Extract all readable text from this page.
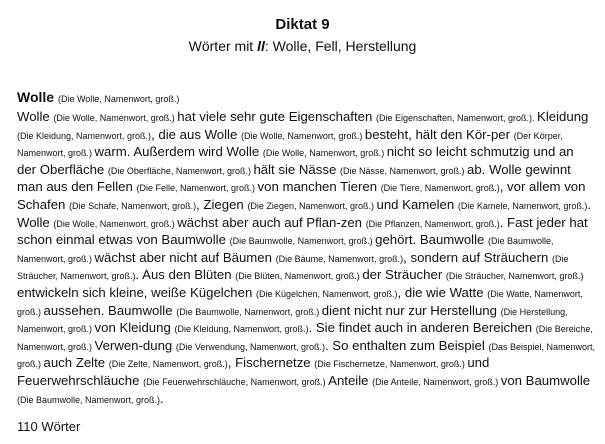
Diktat 9
Wörter mit ll: Wolle, Fell, Herstellung
Wolle (Die Wolle, Namenwort, groß.)
Wolle (Die Wolle, Namenwort, groß.) hat viele sehr gute Eigenschaften (Die Eigenschaften, Namenwort, groß.). Kleidung (Die Kleidung, Namenwort, groß.), die aus Wolle (Die Wolle, Namenwort, groß.) besteht, hält den Kör-per (Der Körper, Namenwort, groß.) warm. Außerdem wird Wolle (Die Wolle, Namenwort, groß.) nicht so leicht schmutzig und an der Oberfläche (Die Oberfläche, Namenwort, groß.) hält sie Nässe (Die Nässe, Namenwort, groß.) ab. Wolle gewinnt man aus den Fellen (Die Felle, Namenwort, groß.) von manchen Tieren (Die Tiere, Namenwort, groß.), vor allem von Schafen (Die Schafe, Namenwort, groß.), Ziegen (Die Ziegen, Namenwort, groß.) und Kamelen (Die Kamele, Namenwort, groß.). Wolle (Die Wolle, Namenwort, groß.) wächst aber auch auf Pflan-zen (Die Pflanzen, Namenwort, groß.). Fast jeder hat schon einmal etwas von Baumwolle (Die Baumwolle, Namenwort, groß.) gehört. Baumwolle (Die Baumwolle, Namenwort, groß.) wächst aber nicht auf Bäumen (Die Bäume, Namenwort, groß.), sondern auf Sträuchern (Die Sträucher, Namenwort, groß.). Aus den Blüten (Die Blüten, Namenwort, groß.) der Sträucher (Die Sträucher, Namenwort, groß.) entwickeln sich kleine, weiße Kügelchen (Die Kügelchen, Namenwort, groß.), die wie Watte (Die Watte, Namenwort, groß.) aussehen. Baumwolle (Die Baumwolle, Namenwort, groß.) dient nicht nur zur Herstellung (Die Herstellung, Namenwort, groß.) von Kleidung (Die Kleidung, Namenwort, groß.). Sie findet auch in anderen Bereichen (Die Bereiche, Namenwort, groß.) Verwen-dung (Die Verwendung, Namenwort, groß.). So enthalten zum Beispiel (Das Beispiel, Namenwort, groß.) auch Zelte (Die Zelte, Namenwort, groß.), Fischernetze (Die Fischernetze, Namenwort, groß.) und Feuerwehrschläuche (Die Feuerwehrschläuche, Namenwort, groß.) Anteile (Die Anteile, Namenwort, groß.) von Baumwolle (Die Baumwolle, Namenwort, groß.).
110 Wörter
